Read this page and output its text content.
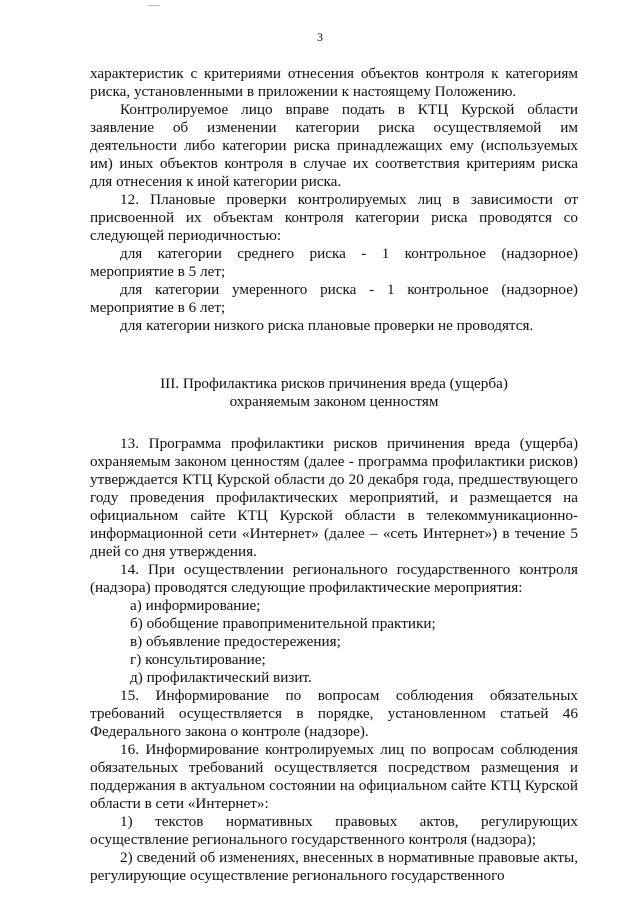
3

характеристик с критериями отнесения объектов контроля к категориям риска, установленными в приложении к настоящему Положению.

Контролируемое лицо вправе подать в КТЦ Курской области заявление об изменении категории риска осуществляемой им деятельности либо категории риска принадлежащих ему (используемых им) иных объектов контроля в случае их соответствия критериям риска для отнесения к иной категории риска.

12. Плановые проверки контролируемых лиц в зависимости от присвоенной их объектам контроля категории риска проводятся со следующей периодичностью:

для категории среднего риска - 1 контрольное (надзорное) мероприятие в 5 лет;

для категории умеренного риска - 1 контрольное (надзорное) мероприятие в 6 лет;

для категории низкого риска плановые проверки не проводятся.

III. Профилактика рисков причинения вреда (ущерба) охраняемым законом ценностям

13. Программа профилактики рисков причинения вреда (ущерба) охраняемым законом ценностям (далее - программа профилактики рисков) утверждается КТЦ Курской области до 20 декабря года, предшествующего году проведения профилактических мероприятий, и размещается на официальном сайте КТЦ Курской области в телекоммуникационно-информационной сети «Интернет» (далее – «сеть Интернет») в течение 5 дней со дня утверждения.

14. При осуществлении регионального государственного контроля (надзора) проводятся следующие профилактические мероприятия:

а) информирование;

б) обобщение правоприменительной практики;

в) объявление предостережения;

г) консультирование;

д) профилактический визит.

15. Информирование по вопросам соблюдения обязательных требований осуществляется в порядке, установленном статьей 46 Федерального закона о контроле (надзоре).

16. Информирование контролируемых лиц по вопросам соблюдения обязательных требований осуществляется посредством размещения и поддержания в актуальном состоянии на официальном сайте КТЦ Курской области в сети «Интернет»:

1) текстов нормативных правовых актов, регулирующих осуществление регионального государственного контроля (надзора);

2) сведений об изменениях, внесенных в нормативные правовые акты, регулирующие осуществление регионального государственного
